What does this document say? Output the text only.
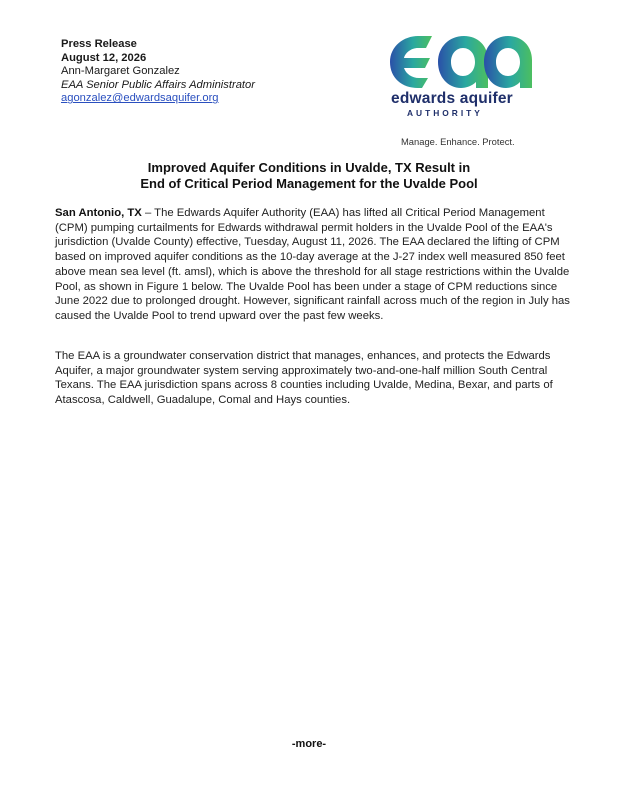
Press Release
August 12, 2026
Ann-Margaret Gonzalez
EAA Senior Public Affairs Administrator
agonzalez@edwardsaquifer.org	edwards aquifer
AUTHORITY
Manage. Enhance. Protect.
Improved Aquifer Conditions in Uvalde, TX Result in
End of Critical Period Management for the Uvalde Pool
San Antonio, TX – The Edwards Aquifer Authority (EAA) has lifted all Critical Period Management (CPM) pumping curtailments for Edwards withdrawal permit holders in the Uvalde Pool of the EAA's jurisdiction (Uvalde County) effective, Tuesday, August 11, 2026. The EAA declared the lifting of CPM based on improved aquifer conditions as the 10-day average at the J-27 index well measured 850 feet above mean sea level (ft. amsl), which is above the threshold for all stage restrictions within the Uvalde Pool, as shown in Figure 1 below. The Uvalde Pool has been under a stage of CPM reductions since June 2022 due to prolonged drought. However, significant rainfall across much of the region in July has caused the Uvalde Pool to trend upward over the past few weeks.
The EAA is a groundwater conservation district that manages, enhances, and protects the Edwards Aquifer, a major groundwater system serving approximately two-and-one-half million South Central Texans. The EAA jurisdiction spans across 8 counties including Uvalde, Medina, Bexar, and parts of Atascosa, Caldwell, Guadalupe, Comal and Hays counties.
-more-
